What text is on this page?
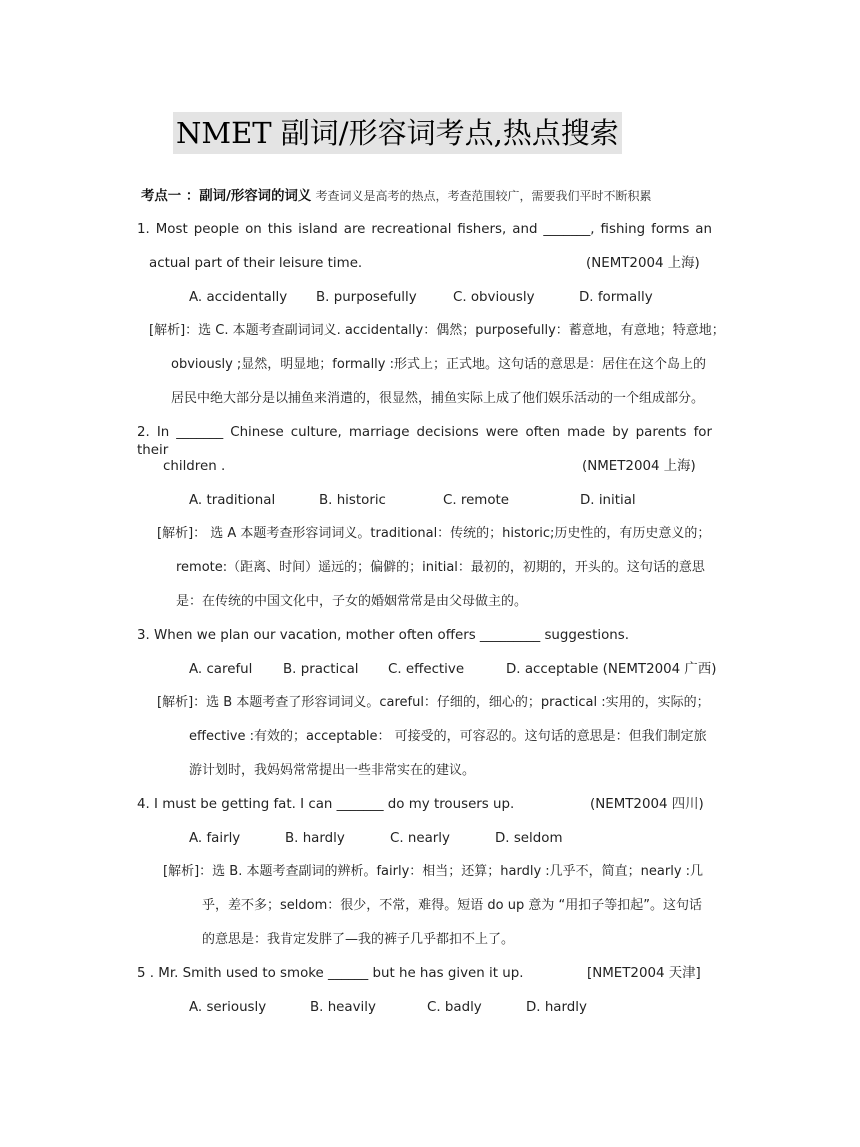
NMET 副词/形容词考点,热点搜索
考点一 ：副词/形容词的词义 考查词义是高考的热点，考查范围较广，需要我们平时不断积累
1. Most people on this island are recreational fishers, and _______, fishing forms an
actual part of their leisure time.	(NEMT2004 上海)
A. accidentally B. purposefully	C. obviously	D. formally
[解析]：选 C. 本题考查副词词义. accidentally：偶然；purposefully：蓄意地，有意地；特意地；
obviously ;显然，明显地；formally :形式上；正式地。这句话的意思是：居住在这个岛上的
居民中绝大部分是以捕鱼来消遣的，很显然，捕鱼实际上成了他们娱乐活动的一个组成部分。
2. In _______ Chinese culture, marriage decisions were often made by parents for their
children .	(NMET2004 上海)
A. traditional	B. historic	C. remote	D. initial
[解析]： 选 A 本题考查形容词词义。traditional：传统的；historic;历史性的，有历史意义的；
remote:（距离、时间）遥远的；偏僻的；initial：最初的，初期的，开头的。这句话的意思
是：在传统的中国文化中，子女的婚姻常常是由父母做主的。
3. When we plan our vacation, mother often offers _________ suggestions.
A. careful B. practical C. effective	D. acceptable (NEMT2004 广西)
[解析]：选 B 本题考查了形容词词义。careful：仔细的，细心的；practical :实用的，实际的；
effective :有效的；acceptable： 可接受的，可容忍的。这句话的意思是：但我们制定旅
游计划时，我妈妈常常提出一些非常实在的建议。
4. I must be getting fat. I can _______ do my trousers up.	(NEMT2004 四川)
A. fairly	B. hardly	C. nearly	D. seldom
[解析]：选 B. 本题考查副词的辨析。fairly：相当；还算；hardly :几乎不，简直；nearly :几
乎，差不多；seldom：很少，不常，难得。短语 do up 意为 “用扣子等扣起”。这句话
的意思是：我肯定发胖了—我的裤子几乎都扣不上了。
5 . Mr. Smith used to smoke ______ but he has given it up.	[NMET2004 天津]
A. seriously	B. heavily	C. badly	D. hardly
